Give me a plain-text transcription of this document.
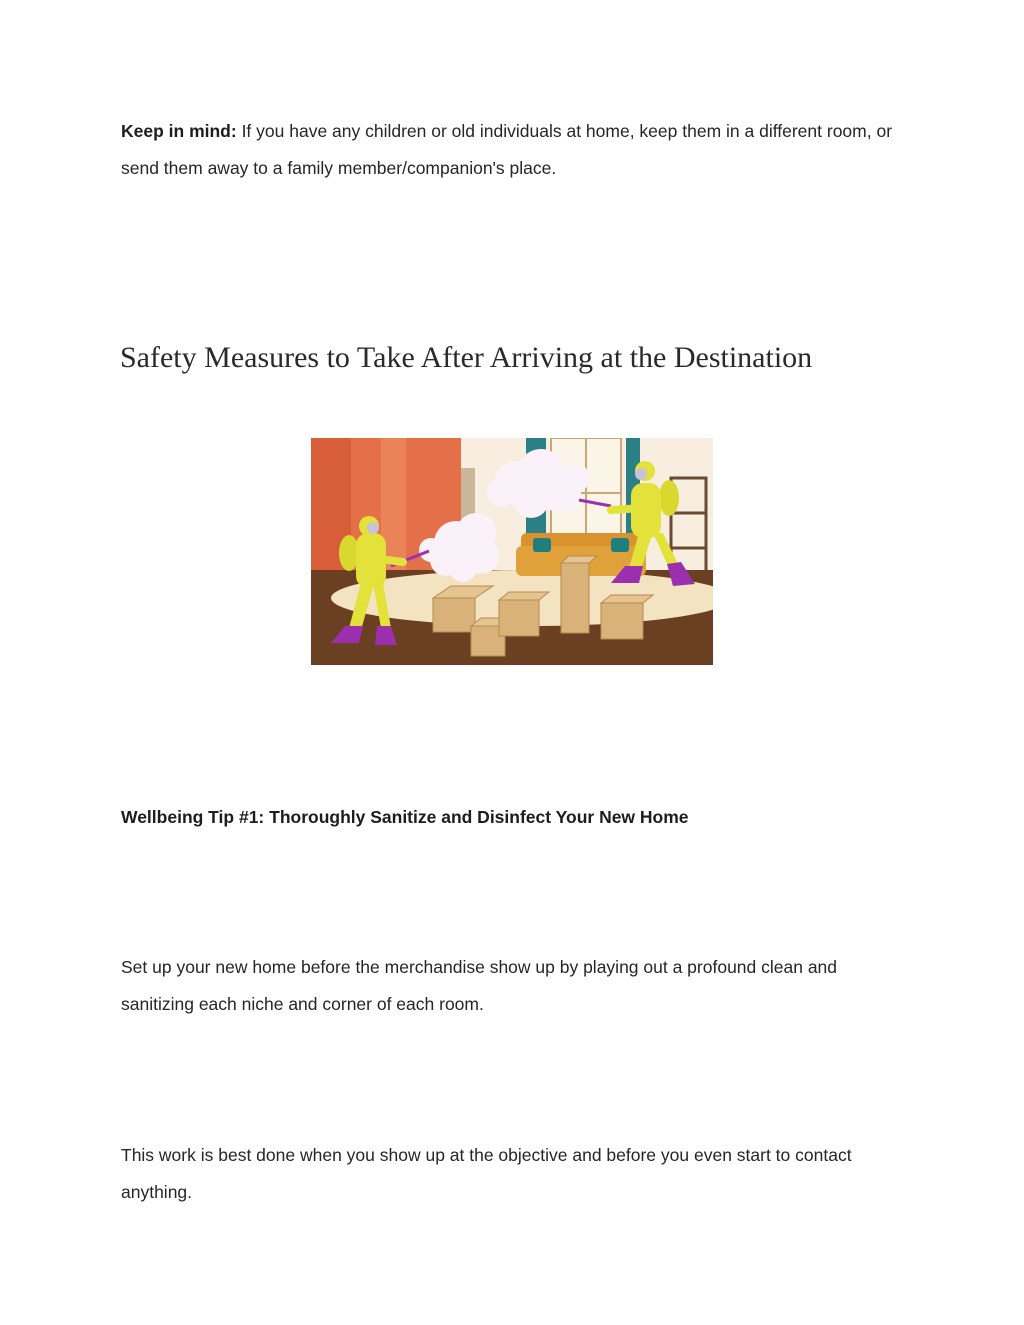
Keep in mind: If you have any children or old individuals at home, keep them in a different room, or send them away to a family member/companion's place.

Safety Measures to Take After Arriving at the Destination
Wellbeing Tip #1: Thoroughly Sanitize and Disinfect Your New Home

Set up your new home before the merchandise show up by playing out a profound clean and sanitizing each niche and corner of each room.

This work is best done when you show up at the objective and before you even start to contact anything.
